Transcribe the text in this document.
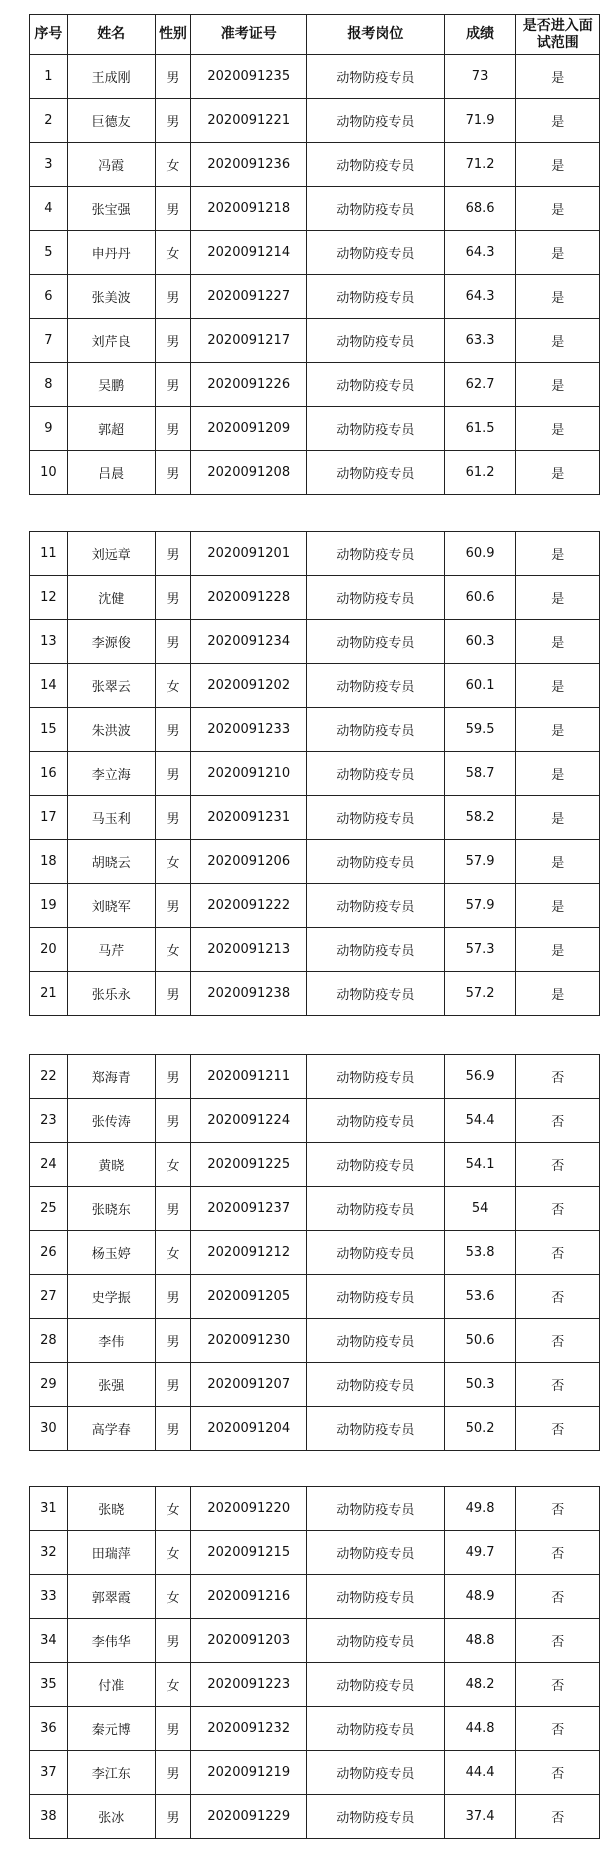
序号	姓名	性别	准考证号	报考岗位	成绩	是否进入面试范围
1	王成刚	男	2020091235	动物防疫专员	73	是
2	巨德友	男	2020091221	动物防疫专员	71.9	是
3	冯霞	女	2020091236	动物防疫专员	71.2	是
4	张宝强	男	2020091218	动物防疫专员	68.6	是
5	申丹丹	女	2020091214	动物防疫专员	64.3	是
6	张美波	男	2020091227	动物防疫专员	64.3	是
7	刘芹良	男	2020091217	动物防疫专员	63.3	是
8	吴鹏	男	2020091226	动物防疫专员	62.7	是
9	郭超	男	2020091209	动物防疫专员	61.5	是
10	吕晨	男	2020091208	动物防疫专员	61.2	是
11	刘远章	男	2020091201	动物防疫专员	60.9	是
12	沈健	男	2020091228	动物防疫专员	60.6	是
13	李源俊	男	2020091234	动物防疫专员	60.3	是
14	张翠云	女	2020091202	动物防疫专员	60.1	是
15	朱洪波	男	2020091233	动物防疫专员	59.5	是
16	李立海	男	2020091210	动物防疫专员	58.7	是
17	马玉利	男	2020091231	动物防疫专员	58.2	是
18	胡晓云	女	2020091206	动物防疫专员	57.9	是
19	刘晓军	男	2020091222	动物防疫专员	57.9	是
20	马芹	女	2020091213	动物防疫专员	57.3	是
21	张乐永	男	2020091238	动物防疫专员	57.2	是
22	郑海青	男	2020091211	动物防疫专员	56.9	否
23	张传涛	男	2020091224	动物防疫专员	54.4	否
24	黄晓	女	2020091225	动物防疫专员	54.1	否
25	张晓东	男	2020091237	动物防疫专员	54	否
26	杨玉婷	女	2020091212	动物防疫专员	53.8	否
27	史学振	男	2020091205	动物防疫专员	53.6	否
28	李伟	男	2020091230	动物防疫专员	50.6	否
29	张强	男	2020091207	动物防疫专员	50.3	否
30	高学春	男	2020091204	动物防疫专员	50.2	否
31	张晓	女	2020091220	动物防疫专员	49.8	否
32	田瑞萍	女	2020091215	动物防疫专员	49.7	否
33	郭翠霞	女	2020091216	动物防疫专员	48.9	否
34	李伟华	男	2020091203	动物防疫专员	48.8	否
35	付准	女	2020091223	动物防疫专员	48.2	否
36	秦元博	男	2020091232	动物防疫专员	44.8	否
37	李江东	男	2020091219	动物防疫专员	44.4	否
38	张冰	男	2020091229	动物防疫专员	37.4	否
